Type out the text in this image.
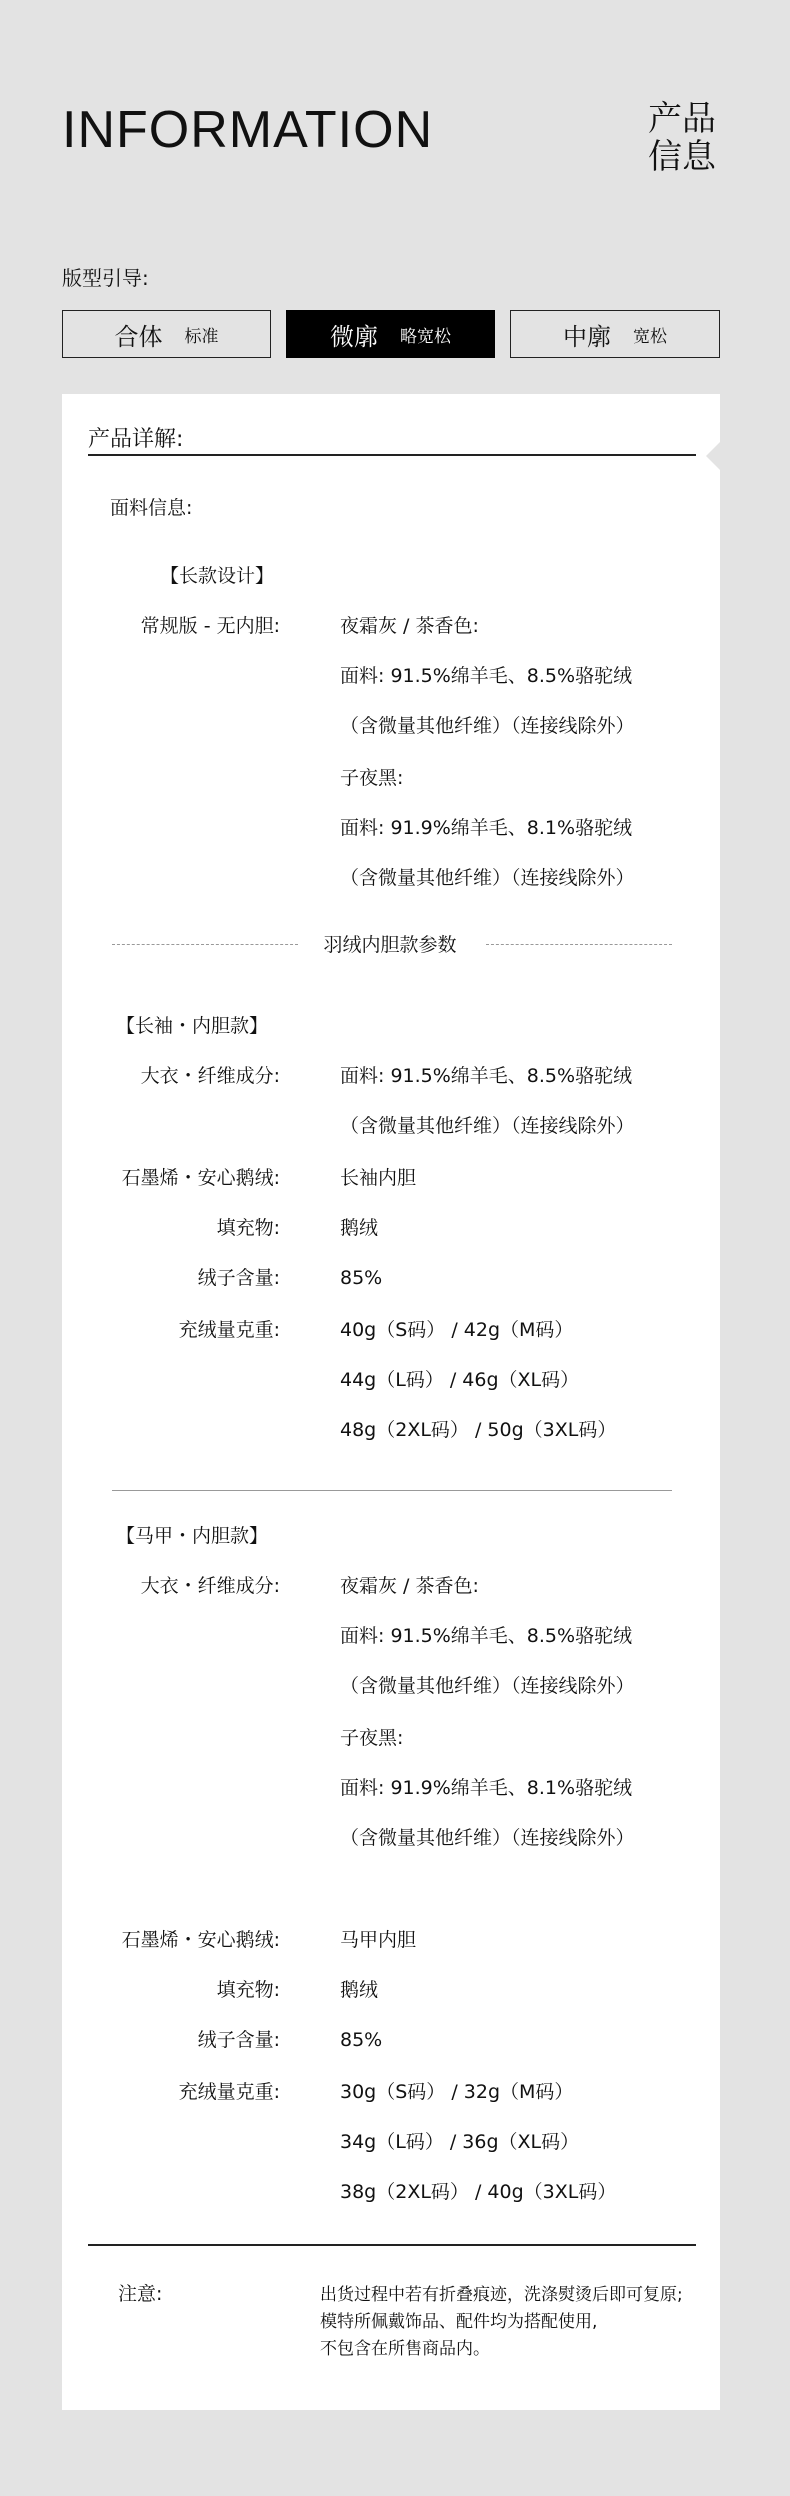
INFORMATION	产品
信息
版型引导:
合体 标准	微廓 略宽松	中廓 宽松
产品详解:
面料信息:
【长款设计】
常规版 - 无内胆:	夜霜灰 / 茶香色:
面料: 91.5%绵羊毛、8.5%骆驼绒
（含微量其他纤维）（连接线除外）
子夜黑:
面料: 91.9%绵羊毛、8.1%骆驼绒
（含微量其他纤维）（连接线除外）
羽绒内胆款参数
【长袖・内胆款】
大衣・纤维成分:	面料: 91.5%绵羊毛、8.5%骆驼绒
（含微量其他纤维）（连接线除外）
石墨烯・安心鹅绒:	长袖内胆
填充物:	鹅绒
绒子含量:	85%
充绒量克重:	40g（S码） / 42g（M码）
44g（L码） / 46g（XL码）
48g（2XL码） / 50g（3XL码）
【马甲・内胆款】
大衣・纤维成分:	夜霜灰 / 茶香色:
面料: 91.5%绵羊毛、8.5%骆驼绒
（含微量其他纤维）（连接线除外）
子夜黑:
面料: 91.9%绵羊毛、8.1%骆驼绒
（含微量其他纤维）（连接线除外）
石墨烯・安心鹅绒:	马甲内胆
填充物:	鹅绒
绒子含量:	85%
充绒量克重:	30g（S码） / 32g（M码）
34g（L码） / 36g（XL码）
38g（2XL码） / 40g（3XL码）
注意:	出货过程中若有折叠痕迹，洗涤熨烫后即可复原;
模特所佩戴饰品、配件均为搭配使用,
不包含在所售商品内。
